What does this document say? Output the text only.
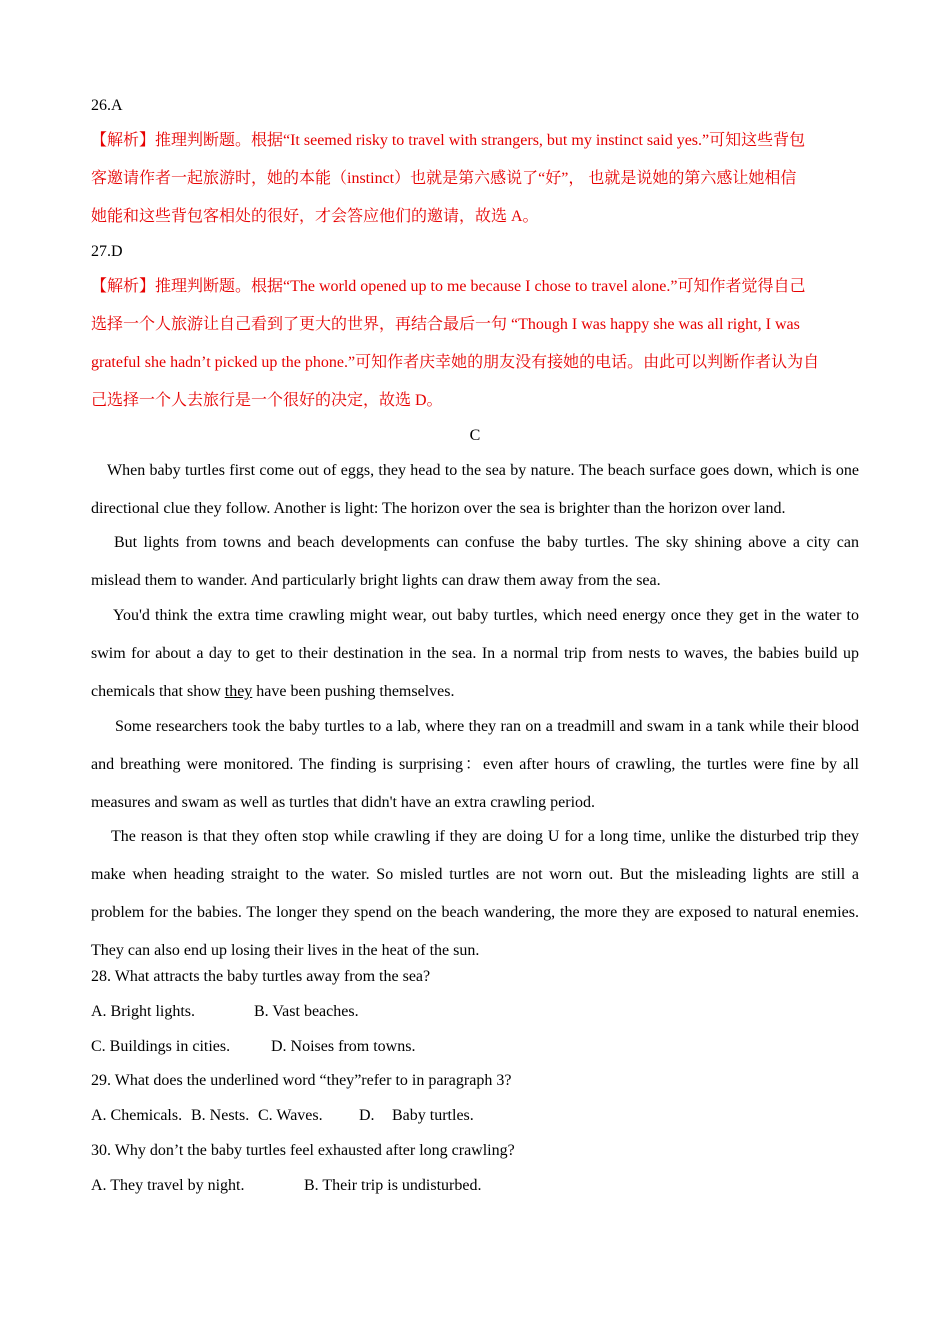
26.A
【解析】推理判断题。根据“It seemed risky to travel with strangers, but my instinct said yes.”可知这些背包
客邀请作者一起旅游时，她的本能（instinct）也就是第六感说了“好”， 也就是说她的第六感让她相信
她能和这些背包客相处的很好，才会答应他们的邀请，故选 A。
27.D
【解析】推理判断题。根据“The world opened up to me because I chose to travel alone.”可知作者觉得自己
选择一个人旅游让自己看到了更大的世界，再结合最后一句 “Though I was happy she was all right, I was
grateful she hadn’t picked up the phone.”可知作者庆幸她的朋友没有接她的电话。由此可以判断作者认为自
己选择一个人去旅行是一个很好的决定，故选 D。
C

When baby turtles first come out of eggs, they head to the sea by nature. The beach surface goes down, which is one directional clue they follow. Another is light: The horizon over the sea is brighter than the horizon over land.

But lights from towns and beach developments can confuse the baby turtles. The sky shining above a city can mislead them to wander. And particularly bright lights can draw them away from the sea.

You'd think the extra time crawling might wear, out baby turtles, which need energy once they get in the water to swim for about a day to get to their destination in the sea. In a normal trip from nests to waves, the babies build up chemicals that show they have been pushing themselves.

Some researchers took the baby turtles to a lab, where they ran on a treadmill and swam in a tank while their blood and breathing were monitored. The finding is surprising：even after hours of crawling, the turtles were fine by all measures and swam as well as turtles that didn't have an extra crawling period.

The reason is that they often stop while crawling if they are doing U for a long time, unlike the disturbed trip they make when heading straight to the water. So misled turtles are not worn out. But the misleading lights are still a problem for the babies. The longer they spend on the beach wandering, the more they are exposed to natural enemies. They can also end up losing their lives in the heat of the sun.

28. What attracts the baby turtles away from the sea?
A. Bright lights.	B. Vast beaches.
C. Buildings in cities.	D. Noises from towns.
29. What does the underlined word “they”refer to in paragraph 3?
A. Chemicals. B. Nests. C. Waves. D. Baby turtles.
30. Why don’t the baby turtles feel exhausted after long crawling?
A. They travel by night.	B. Their trip is undisturbed.
